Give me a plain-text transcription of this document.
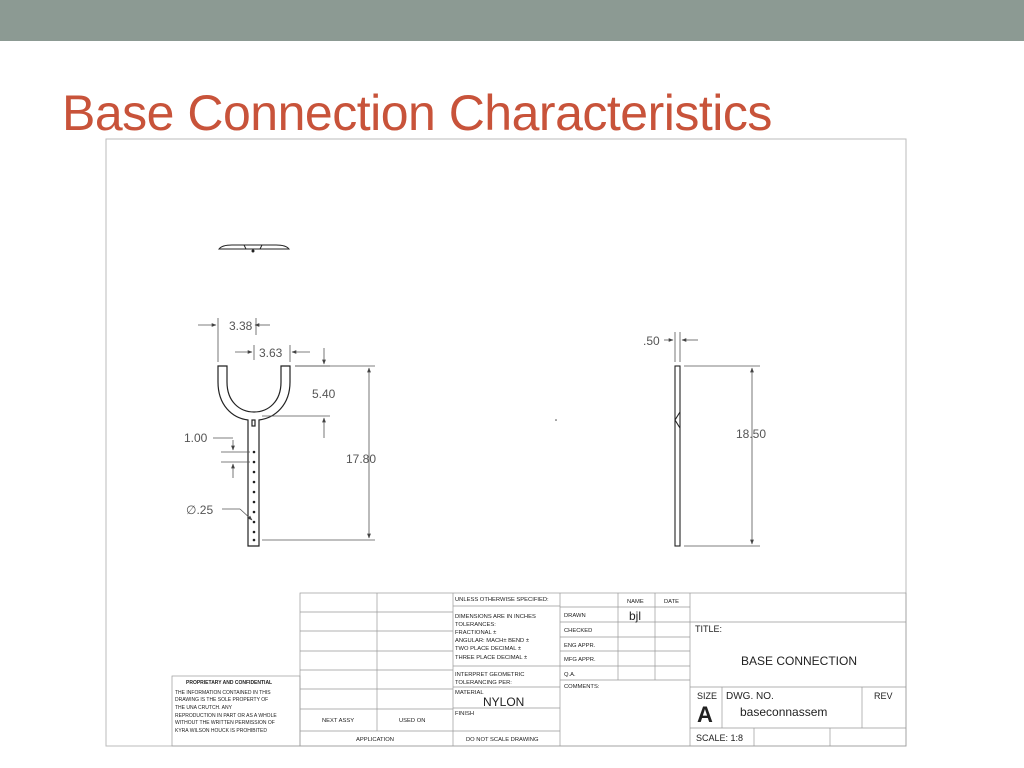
Base Connection Characteristics
3.38
3.63
5.40
17.80
1.00
∅.25
.50
18.50
UNLESS OTHERWISE SPECIFIED:
DIMENSIONS ARE IN INCHES
TOLERANCES:
FRACTIONAL ±
ANGULAR: MACH± BEND ±
TWO PLACE DECIMAL ±
THREE PLACE DECIMAL ±
INTERPRET GEOMETRIC
TOLERANCING PER:
MATERIAL
FINISH
DO NOT SCALE DRAWING
NAME	DATE
DRAWN
CHECKED
ENG APPR.
MFG APPR.
Q.A.
COMMENTS:
NEXT ASSY	USED ON
APPLICATION
NYLON
bjl
TITLE:
BASE CONNECTION
SIZE
A
DWG. NO.
baseconnassem
REV
SCALE: 1:8
PROPRIETARY AND CONFIDENTIAL
THE INFORMATION CONTAINED IN THIS
DRAWING IS THE SOLE PROPERTY OF
THE UNA CRUTCH. ANY
REPRODUCTION IN PART OR AS A WHOLE
WITHOUT THE WRITTEN PERMISSION OF
KYRA WILSON HOUCK IS PROHIBITED
